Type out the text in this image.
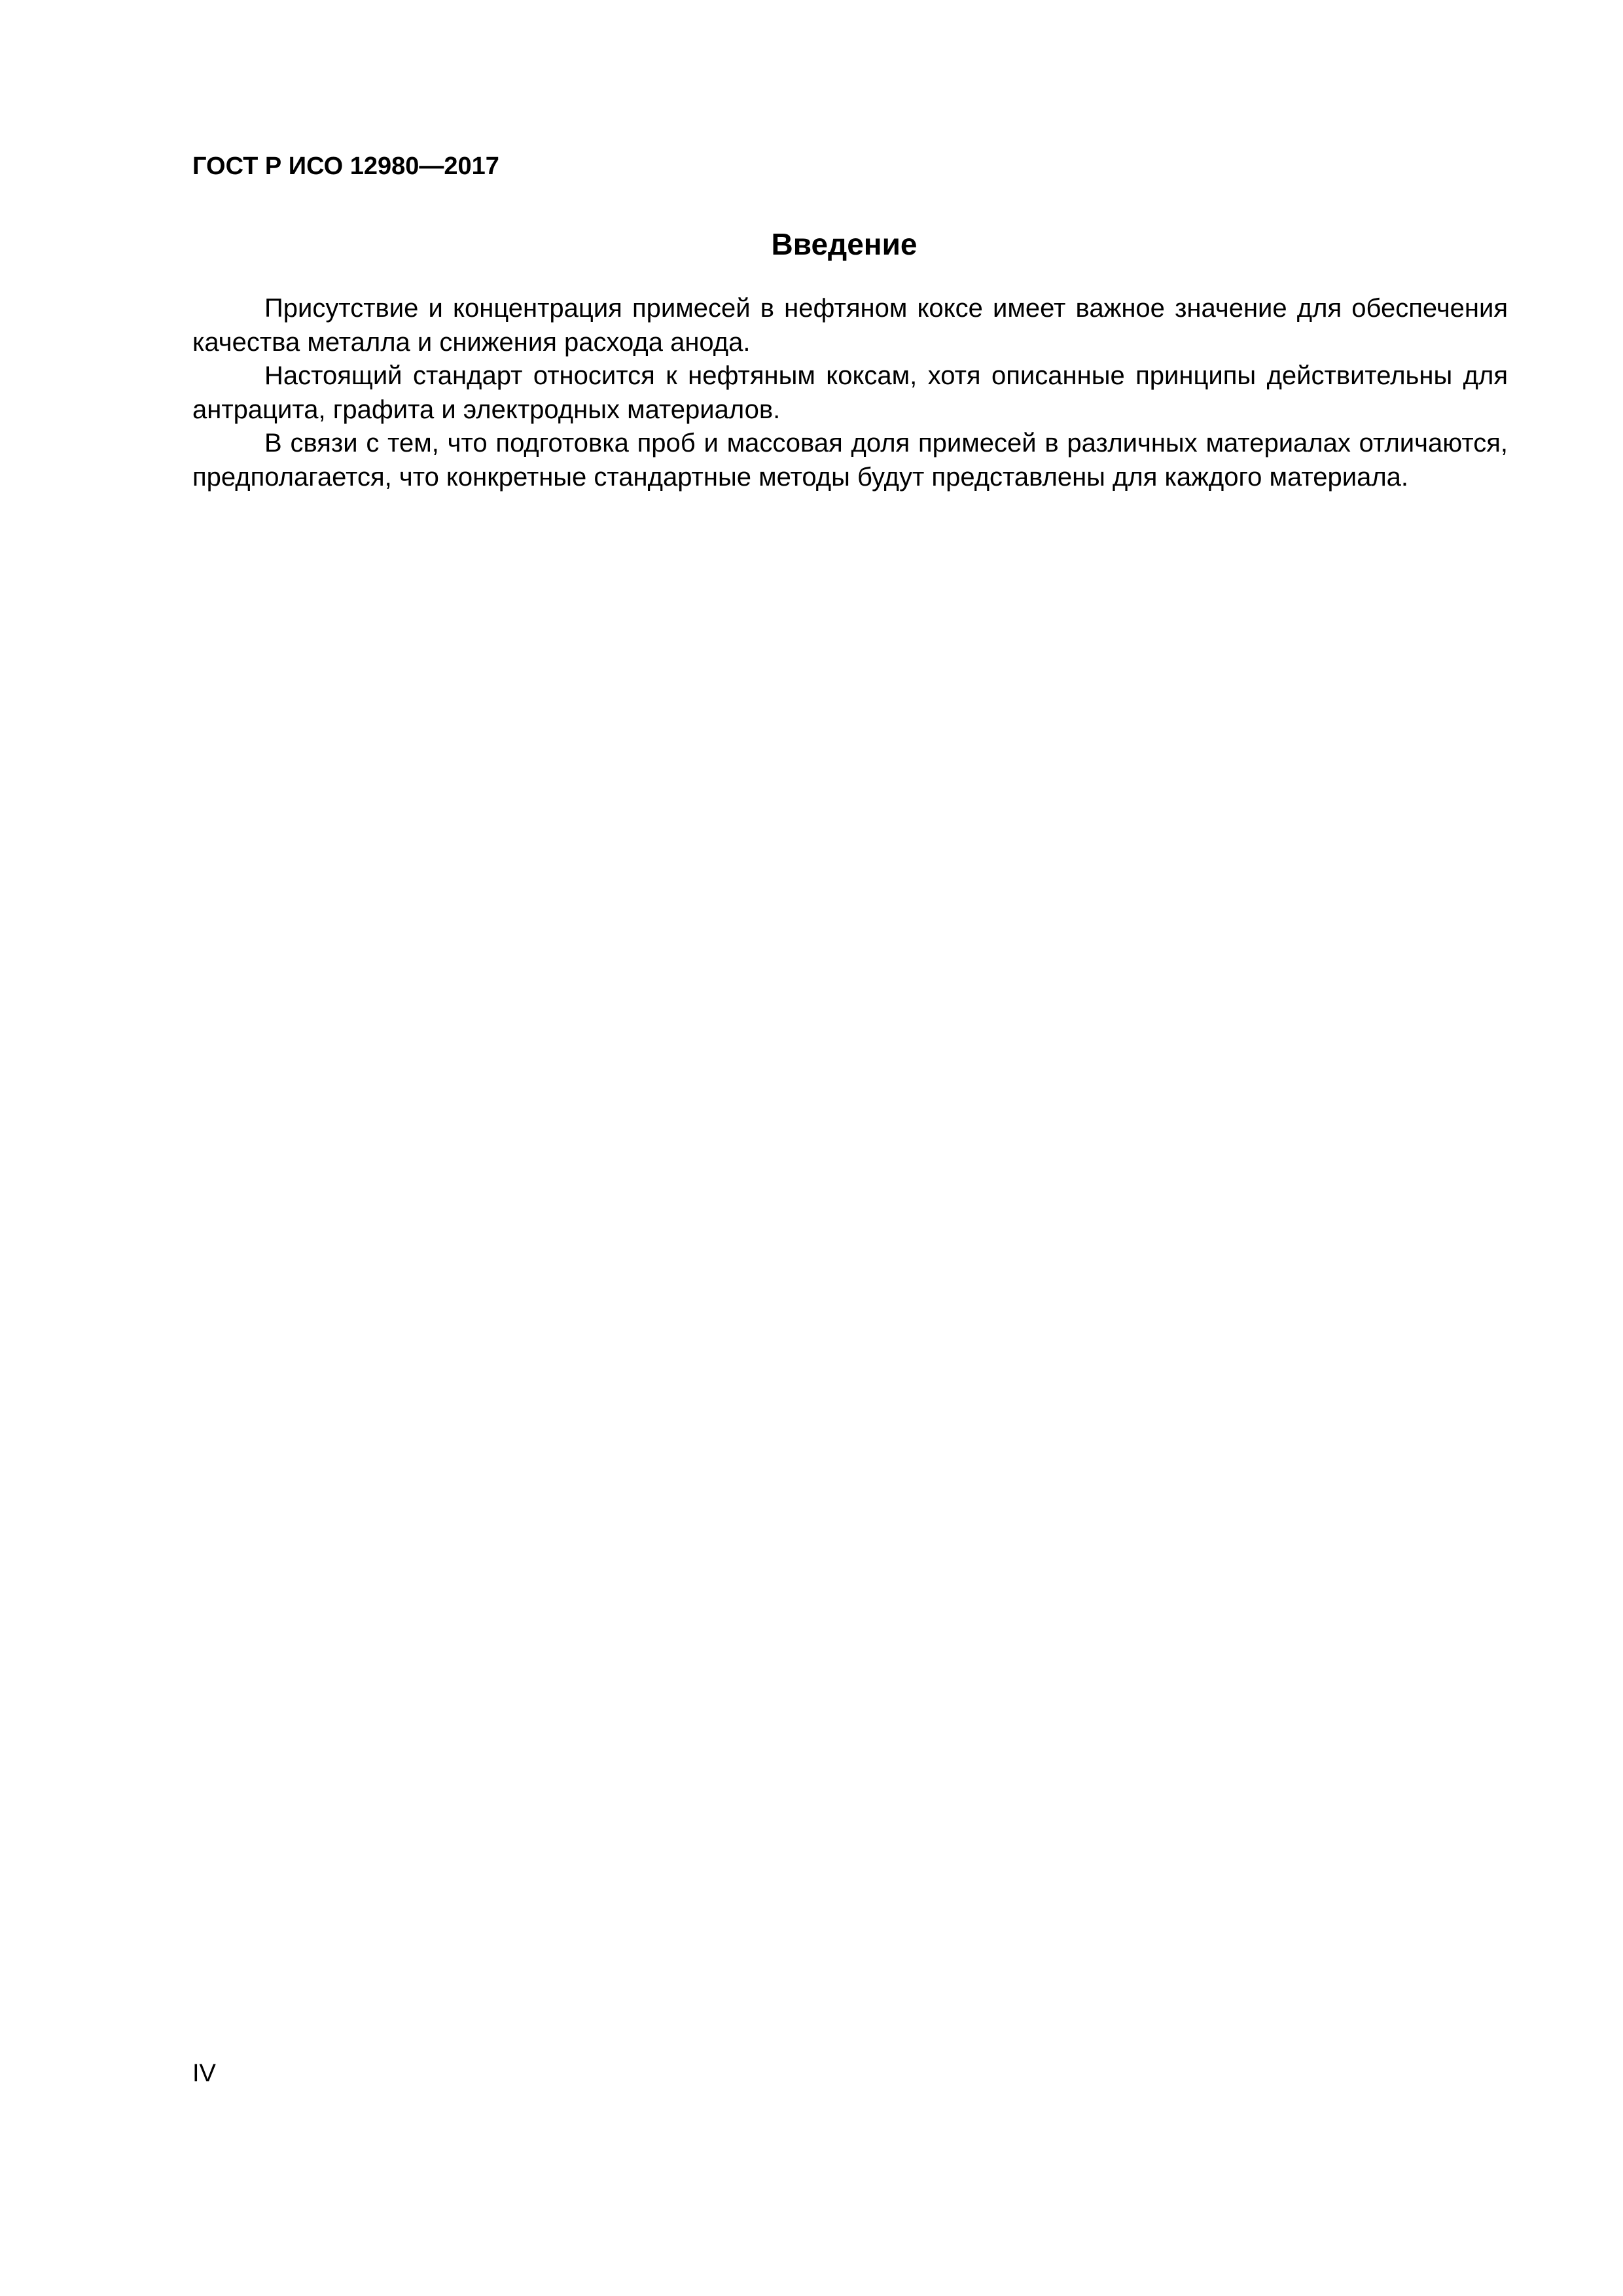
ГОСТ Р ИСО 12980—2017
Введение

Присутствие и концентрация примесей в нефтяном коксе имеет важное значение для обеспечения качества металла и снижения расхода анода.

Настоящий стандарт относится к нефтяным коксам, хотя описанные принципы действительны для антрацита, графита и электродных материалов.

В связи с тем, что подготовка проб и массовая доля примесей в различных материалах отличаются, предполагается, что конкретные стандартные методы будут представлены для каждого материала.

IV
